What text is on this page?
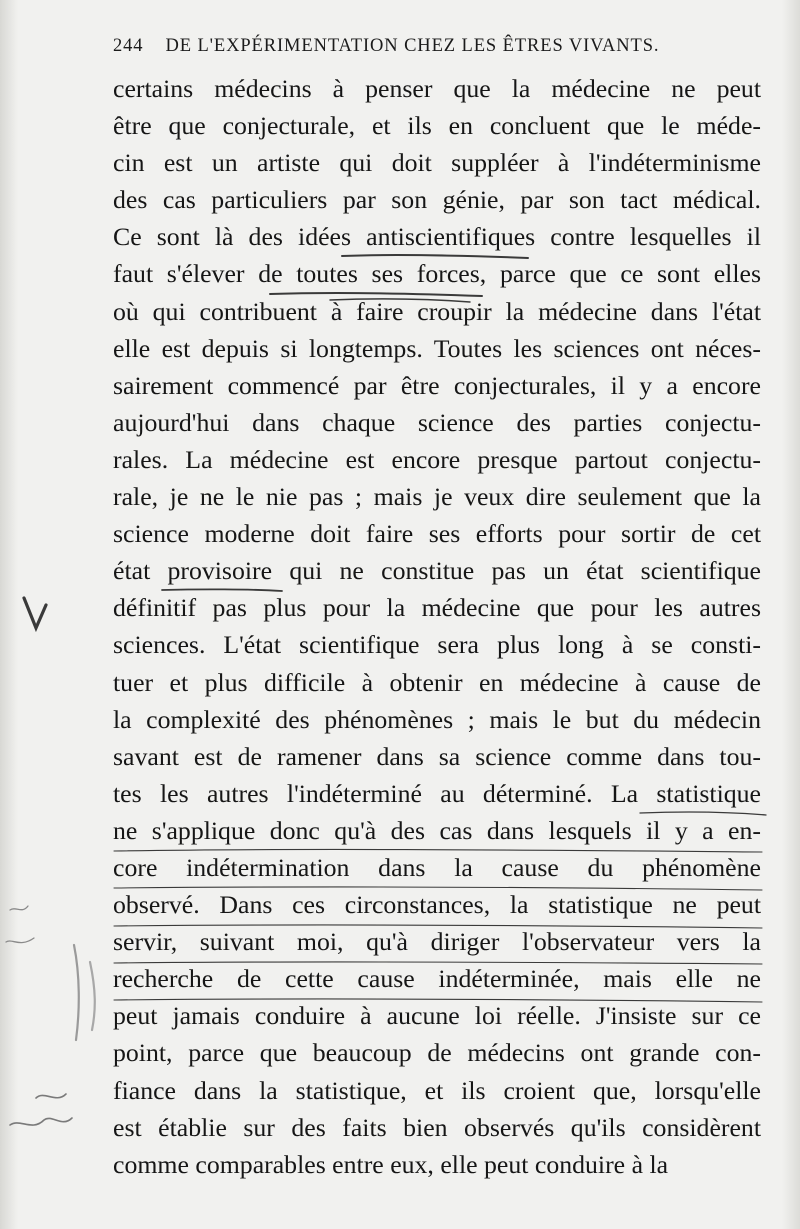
244 DE L'EXPÉRIMENTATION CHEZ LES ÊTRES VIVANTS.
certains médecins à penser que la médecine ne peut
être que conjecturale, et ils en concluent que le méde-
cin est un artiste qui doit suppléer à l'indéterminisme
des cas particuliers par son génie, par son tact médical.
Ce sont là des idées antiscientifiques contre lesquelles il
faut s'élever de toutes ses forces, parce que ce sont elles
où qui contribuent à faire croupir la médecine dans l'état
elle est depuis si longtemps. Toutes les sciences ont néces-
sairement commencé par être conjecturales, il y a encore
aujourd'hui dans chaque science des parties conjectu-
rales. La médecine est encore presque partout conjectu-
rale, je ne le nie pas ; mais je veux dire seulement que la
science moderne doit faire ses efforts pour sortir de cet
état provisoire qui ne constitue pas un état scientifique
définitif pas plus pour la médecine que pour les autres
sciences. L'état scientifique sera plus long à se consti-
tuer et plus difficile à obtenir en médecine à cause de
la complexité des phénomènes ; mais le but du médecin
savant est de ramener dans sa science comme dans tou-
tes les autres l'indéterminé au déterminé. La statistique
ne s'applique donc qu'à des cas dans lesquels il y a en-
core indétermination dans la cause du phénomène
observé. Dans ces circonstances, la statistique ne peut
servir, suivant moi, qu'à diriger l'observateur vers la
recherche de cette cause indéterminée, mais elle ne
peut jamais conduire à aucune loi réelle. J'insiste sur ce
point, parce que beaucoup de médecins ont grande con-
fiance dans la statistique, et ils croient que, lorsqu'elle
est établie sur des faits bien observés qu'ils considèrent
comme comparables entre eux, elle peut conduire à la
